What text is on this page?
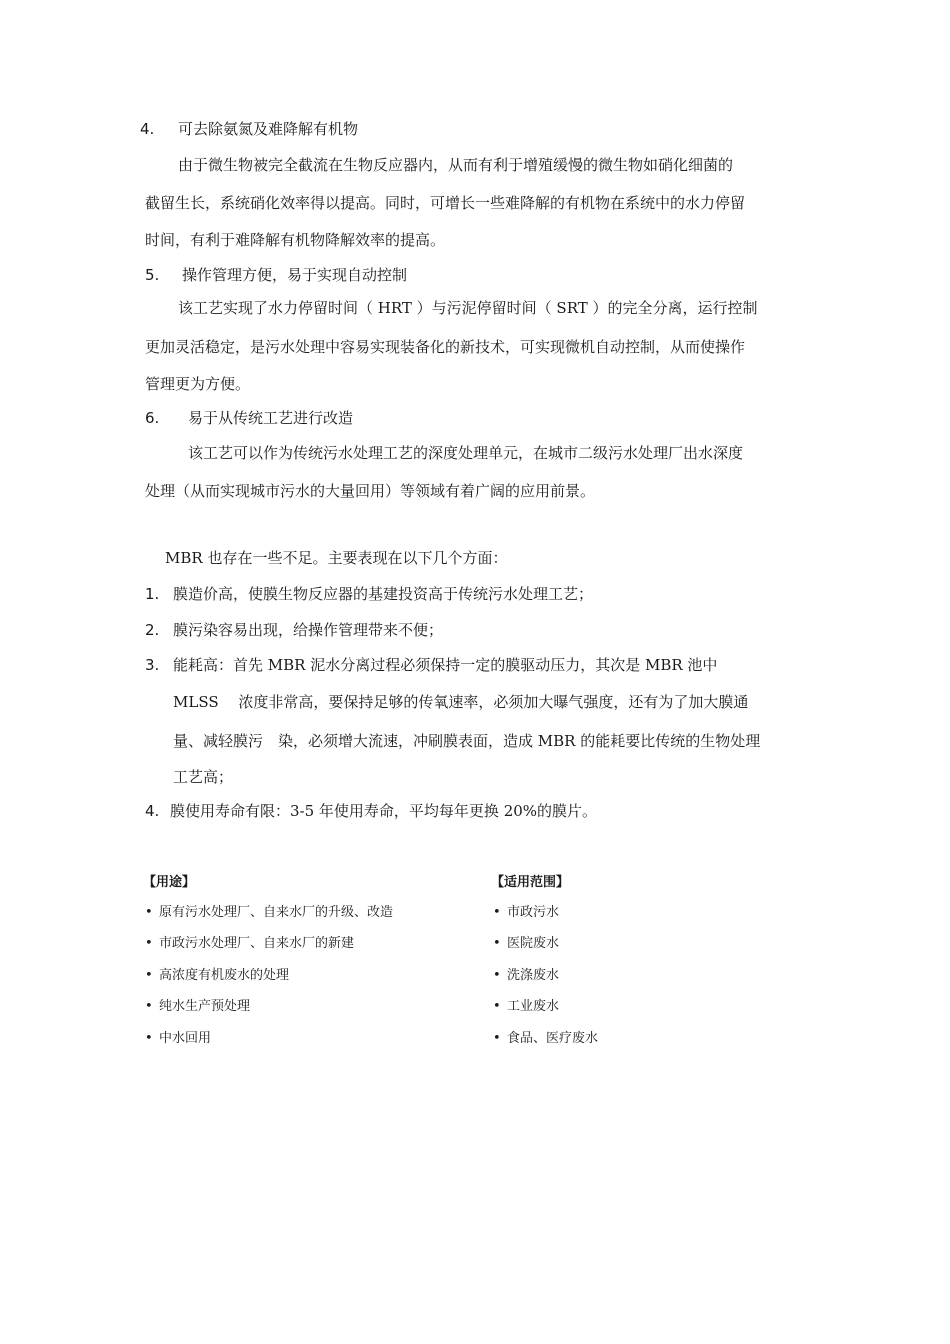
4. 可去除氨氮及难降解有机物
由于微生物被完全截流在生物反应器内，从而有利于增殖缓慢的微生物如硝化细菌的
截留生长，系统硝化效率得以提高。同时，可增长一些难降解的有机物在系统中的水力停留
时间，有利于难降解有机物降解效率的提高。
5. 操作管理方便，易于实现自动控制
该工艺实现了水力停留时间（ HRT ）与污泥停留时间（ SRT ）的完全分离，运行控制
更加灵活稳定，是污水处理中容易实现装备化的新技术，可实现微机自动控制，从而使操作
管理更为方便。
6. 易于从传统工艺进行改造
该工艺可以作为传统污水处理工艺的深度处理单元，在城市二级污水处理厂出水深度
处理（从而实现城市污水的大量回用）等领域有着广阔的应用前景。
MBR 也存在一些不足。主要表现在以下几个方面：
1. 膜造价高，使膜生物反应器的基建投资高于传统污水处理工艺；
2. 膜污染容易出现，给操作管理带来不便；
3. 能耗高：首先 MBR 泥水分离过程必须保持一定的膜驱动压力，其次是 MBR 池中
MLSS　 浓度非常高，要保持足够的传氧速率，必须加大曝气强度，还有为了加大膜通
量、减轻膜污　染，必须增大流速，冲刷膜表面，造成 MBR 的能耗要比传统的生物处理
工艺高；
4. 膜使用寿命有限：3-5 年使用寿命，平均每年更换 20%的膜片。
【用途】
• 原有污水处理厂、自来水厂的升级、改造
• 市政污水处理厂、自来水厂的新建
• 高浓度有机废水的处理
• 纯水生产预处理
• 中水回用
【适用范围】
• 市政污水
• 医院废水
• 洗涤废水
• 工业废水
• 食品、医疗废水
